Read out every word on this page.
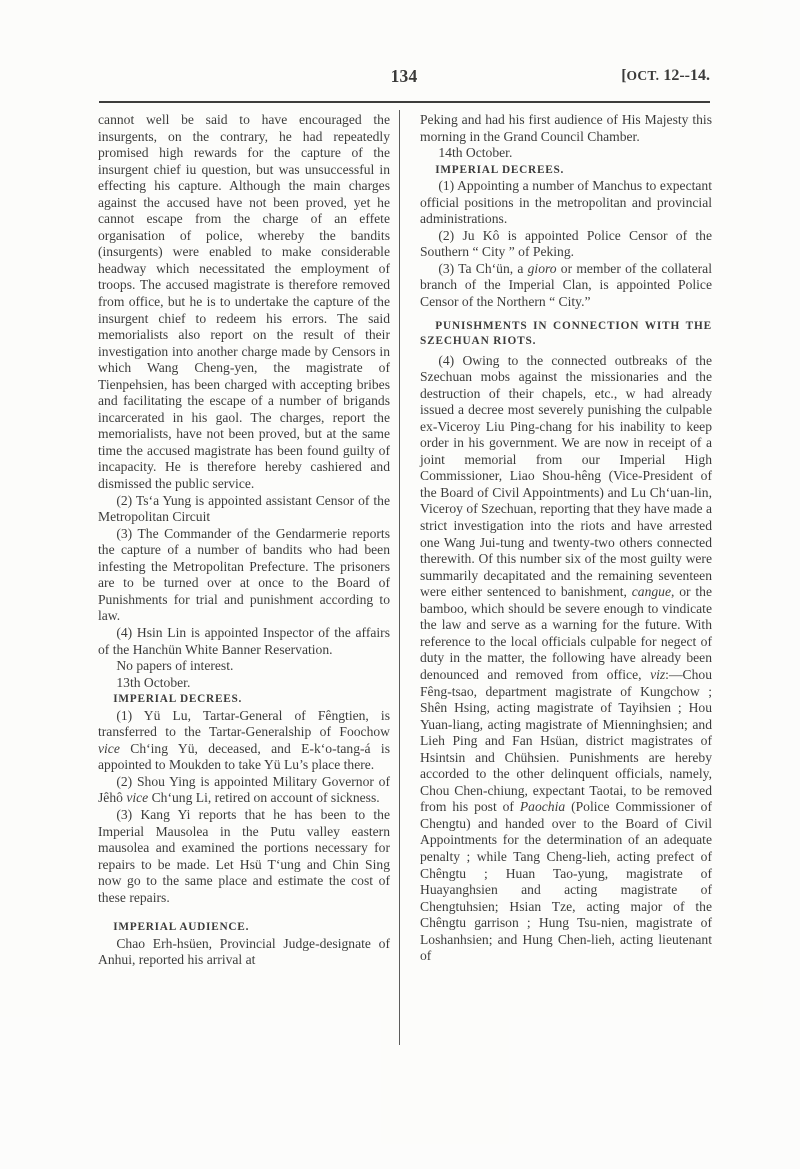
134	[OCT. 12--14.

cannot well be said to have encouraged the insurgents, on the contrary, he had repeatedly promised high rewards for the capture of the insurgent chief iu question, but was unsuccessful in effecting his capture. Although the main charges against the accused have not been proved, yet he cannot escape from the charge of an effete organisation of police, whereby the bandits (insurgents) were enabled to make considerable headway which necessitated the employment of troops. The accused magistrate is therefore removed from office, but he is to undertake the capture of the insurgent chief to redeem his errors. The said memorialists also report on the result of their investigation into another charge made by Censors in which Wang Cheng-yen, the magistrate of Tienpehsien, has been charged with accepting bribes and facilitating the escape of a number of brigands incarcerated in his gaol. The charges, report the memorialists, have not been proved, but at the same time the accused magistrate has been found guilty of incapacity. He is therefore hereby cashiered and dismissed the public service.

(2) Ts‘a Yung is appointed assistant Censor of the Metropolitan Circuit

(3) The Commander of the Gendarmerie reports the capture of a number of bandits who had been infesting the Metropolitan Prefecture. The prisoners are to be turned over at once to the Board of Punishments for trial and punishment according to law.

(4) Hsin Lin is appointed Inspector of the affairs of the Hanchün White Banner Reservation.

No papers of interest.

13th October.

IMPERIAL DECREES.

(1) Yü Lu, Tartar-General of Fêngtien, is transferred to the Tartar-Generalship of Foochow vice Ch‘ing Yü, deceased, and E-k‘o-tang-á is appointed to Moukden to take Yü Lu’s place there.

(2) Shou Ying is appointed Military Governor of Jêhô vice Ch‘ung Li, retired on account of sickness.

(3) Kang Yi reports that he has been to the Imperial Mausolea in the Putu valley eastern mausolea and examined the portions necessary for repairs to be made. Let Hsü T‘ung and Chin Sing now go to the same place and estimate the cost of these repairs.

IMPERIAL AUDIENCE.

Chao Erh-hsüen, Provincial Judge-designate of Anhui, reported his arrival at

Peking and had his first audience of His Majesty this morning in the Grand Council Chamber.

14th October.

IMPERIAL DECREES.

(1) Appointing a number of Manchus to expectant official positions in the metropolitan and provincial administrations.

(2) Ju Kô is appointed Police Censor of the Southern “ City ” of Peking.

(3) Ta Ch‘ün, a gioro or member of the collateral branch of the Imperial Clan, is appointed Police Censor of the Northern “ City.”

PUNISHMENTS IN CONNECTION WITH THE SZECHUAN RIOTS.

(4) Owing to the connected outbreaks of the Szechuan mobs against the missionaries and the destruction of their chapels, etc., w had already issued a decree most severely punishing the culpable ex-Viceroy Liu Ping-chang for his inability to keep order in his government. We are now in receipt of a joint memorial from our Imperial High Commissioner, Liao Shou-hêng (Vice-President of the Board of Civil Appointments) and Lu Ch‘uan-lin, Viceroy of Szechuan, reporting that they have made a strict investigation into the riots and have arrested one Wang Jui-tung and twenty-two others connected therewith. Of this number six of the most guilty were summarily decapitated and the remaining seventeen were either sentenced to banishment, cangue, or the bamboo, which should be severe enough to vindicate the law and serve as a warning for the future. With reference to the local officials culpable for negect of duty in the matter, the following have already been denounced and removed from office, viz:—Chou Fêng-tsao, department magistrate of Kungchow ; Shên Hsing, acting magistrate of Tayihsien ; Hou Yuan-liang, acting magistrate of Mienninghsien; and Lieh Ping and Fan Hsüan, district magistrates of Hsintsin and Chühsien. Punishments are hereby accorded to the other delinquent officials, namely, Chou Chen-chiung, expectant Taotai, to be removed from his post of Paochia (Police Commissioner of Chengtu) and handed over to the Board of Civil Appointments for the determination of an adequate penalty ; while Tang Cheng-lieh, acting prefect of Chêngtu ; Huan Tao-yung, magistrate of Huayanghsien and acting magistrate of Chengtuhsien; Hsian Tze, acting major of the Chêngtu garrison ; Hung Tsu-nien, magistrate of Loshanhsien; and Hung Chen-lieh, acting lieutenant of
